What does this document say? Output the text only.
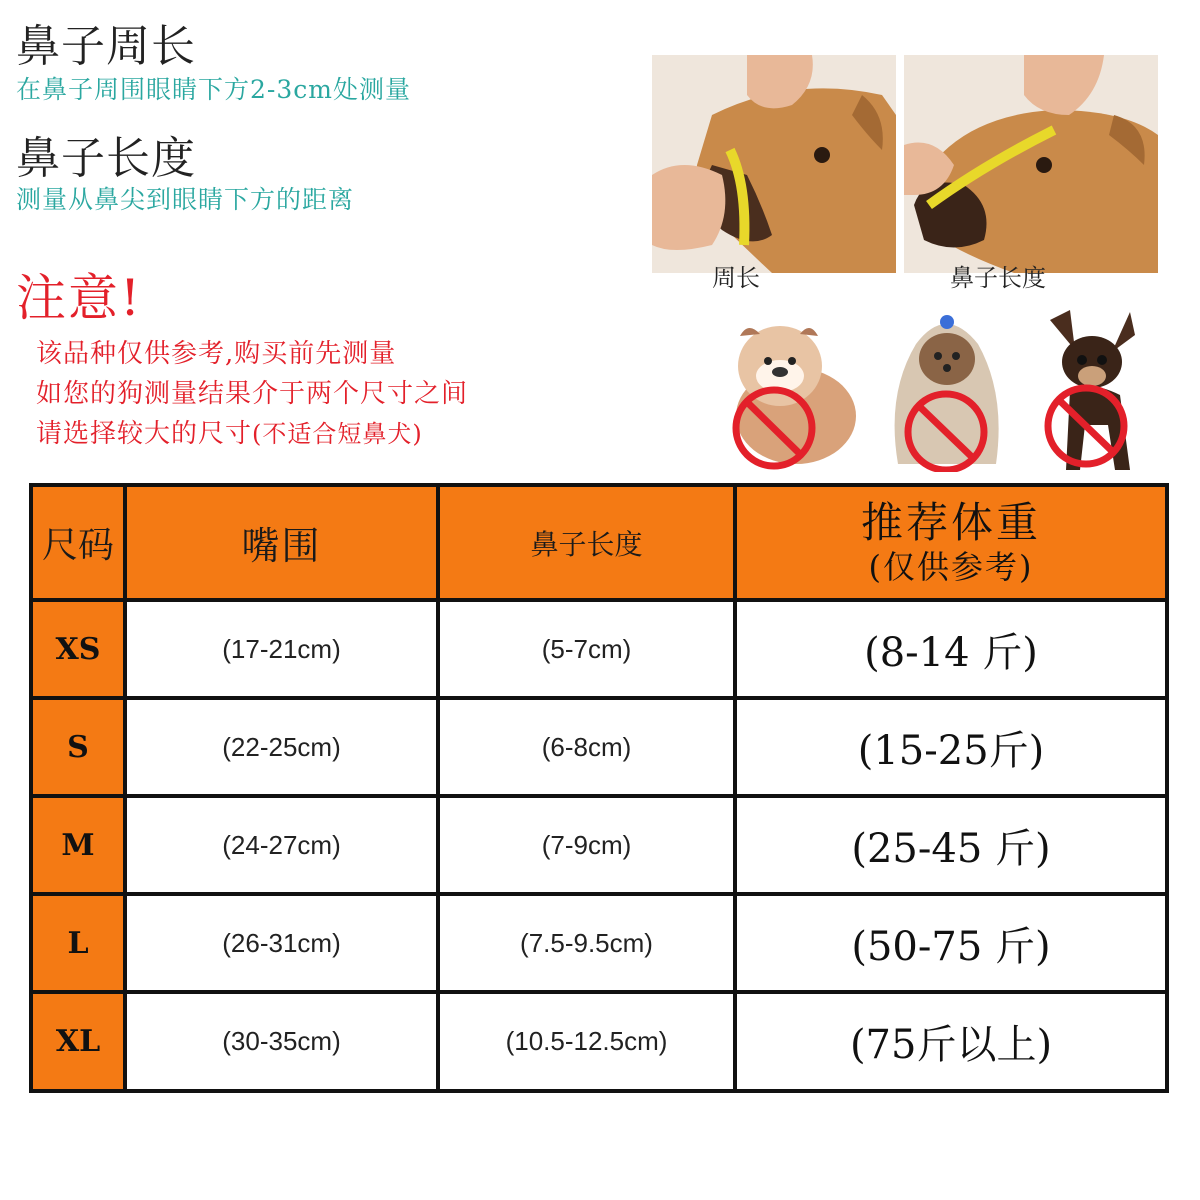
鼻子周长
在鼻子周围眼睛下方2-3cm处测量
鼻子长度
测量从鼻尖到眼睛下方的距离
注意!
该品种仅供参考,购买前先测量
如您的狗测量结果介于两个尺寸之间
请选择较大的尺寸(不适合短鼻犬)
周长	鼻子长度
尺码	嘴围	鼻子长度	推荐体重
(仅供参考)
XS	(17-21cm)	(5-7cm)	(8-14 斤)
S	(22-25cm)	(6-8cm)	(15-25斤)
M	(24-27cm)	(7-9cm)	(25-45 斤)
L	(26-31cm)	(7.5-9.5cm)	(50-75 斤)
XL	(30-35cm)	(10.5-12.5cm)	(75斤以上)
